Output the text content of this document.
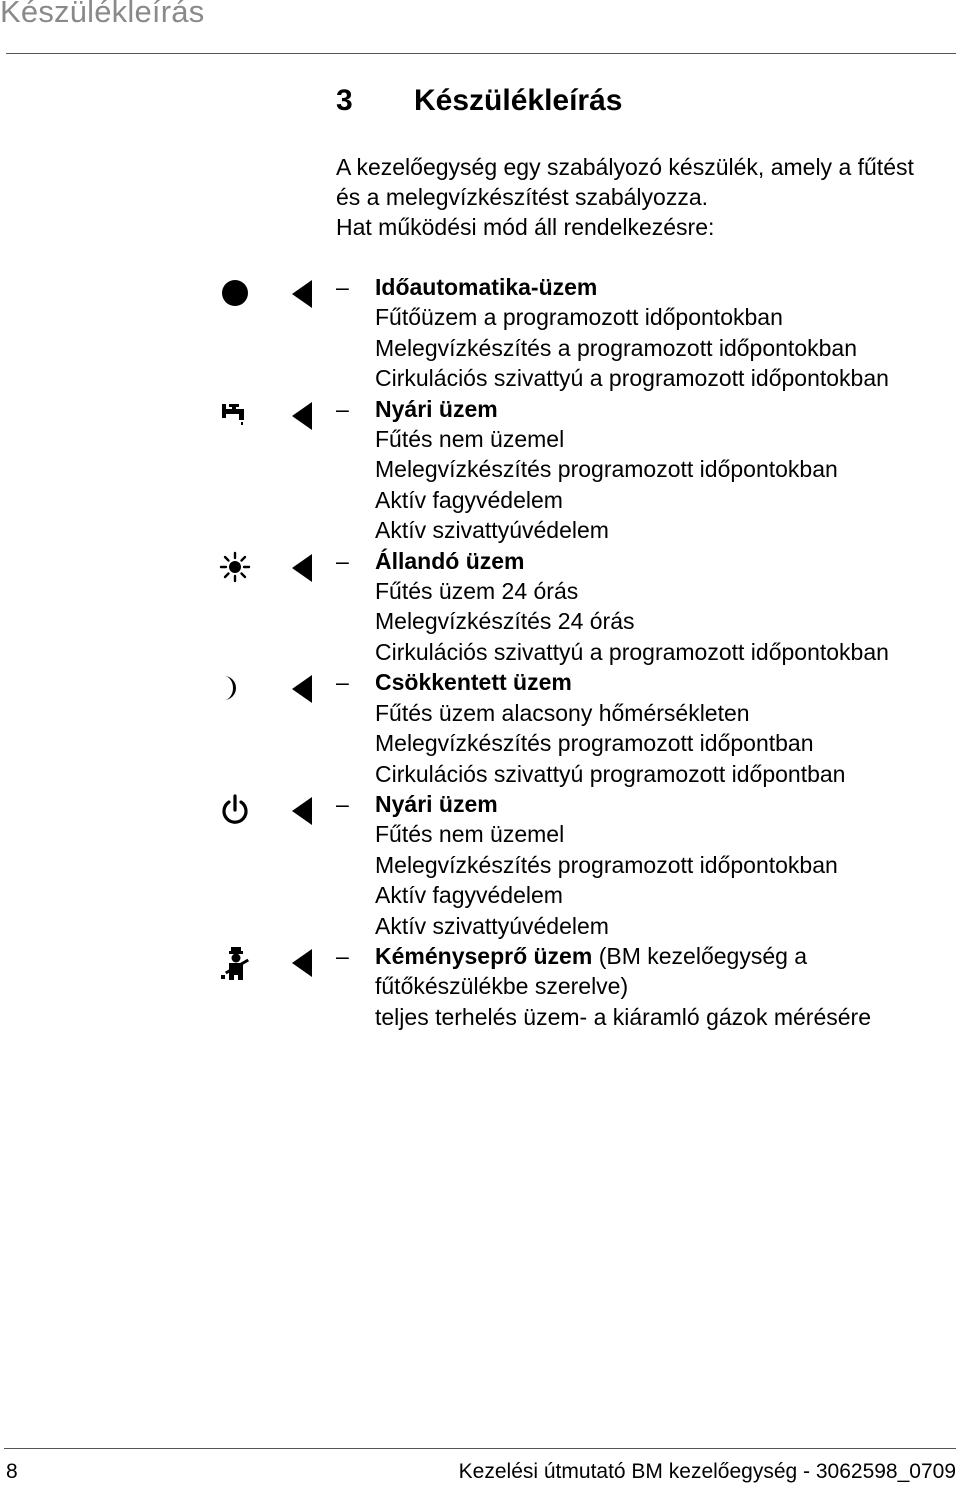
Készülékleírás
3 Készülékleírás
A kezelőegység egy szabályozó készülék, amely a fűtést
és a melegvízkészítést szabályozza.
Hat működési mód áll rendelkezésre:
– Időautomatika-üzem
Fűtőüzem a programozott időpontokban
Melegvízkészítés a programozott időpontokban
Cirkulációs szivattyú a programozott időpontokban
– Nyári üzem
Fűtés nem üzemel
Melegvízkészítés programozott időpontokban
Aktív fagyvédelem
Aktív szivattyúvédelem
– Állandó üzem
Fűtés üzem 24 órás
Melegvízkészítés 24 órás
Cirkulációs szivattyú a programozott időpontokban
– Csökkentett üzem
Fűtés üzem alacsony hőmérsékleten
Melegvízkészítés programozott időpontban
Cirkulációs szivattyú programozott időpontban
– Nyári üzem
Fűtés nem üzemel
Melegvízkészítés programozott időpontokban
Aktív fagyvédelem
Aktív szivattyúvédelem
– Kéményseprő üzem (BM kezelőegység a
fűtőkészülékbe szerelve)
teljes terhelés üzem- a kiáramló gázok mérésére
8	Kezelési útmutató BM kezelőegység - 3062598_0709
